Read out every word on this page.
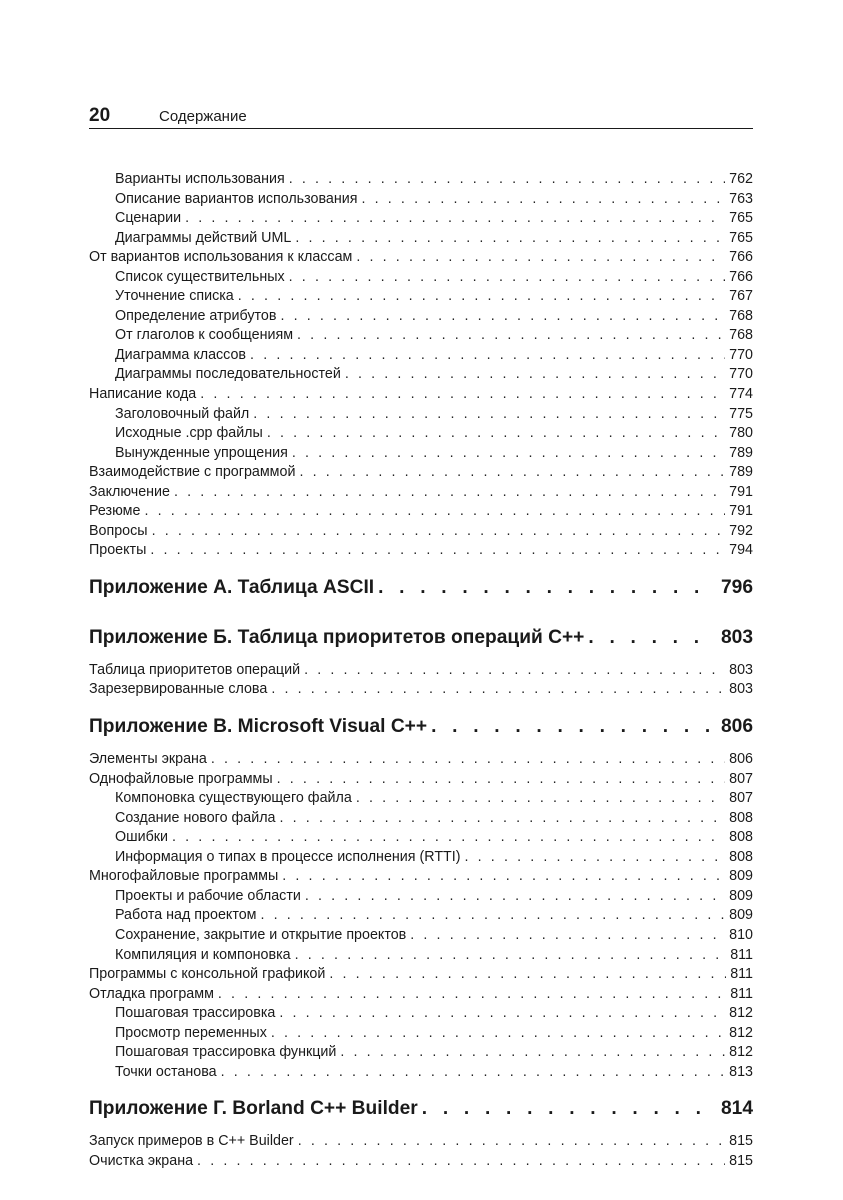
20	Содержание
Варианты использования . . .	762
Описание вариантов использования . . .	763
Сценарии . . .	765
Диаграммы действий UML . . .	765
От вариантов использования к классам . . .	766
Список существительных . . .	766
Уточнение списка . . .	767
Определение атрибутов . . .	768
От глаголов к сообщениям . . .	768
Диаграмма классов . . .	770
Диаграммы последовательностей . . .	770
Написание кода . . .	774
Заголовочный файл . . .	775
Исходные .cpp файлы . . .	780
Вынужденные упрощения . . .	789
Взаимодействие с программой . . .	789
Заключение . . .	791
Резюме . . .	791
Вопросы . . .	792
Проекты . . .	794
Приложение А. Таблица ASCII . . .	796
Приложение Б. Таблица приоритетов операций С++ . . .	803
Таблица приоритетов операций . . .	803
Зарезервированные слова . . .	803
Приложение В. Microsoft Visual C++ . . .	806
Элементы экрана . . .	806
Однофайловые программы . . .	807
Компоновка существующего файла . . .	807
Создание нового файла . . .	808
Ошибки . . .	808
Информация о типах в процессе исполнения (RTTI) . . .	808
Многофайловые программы . . .	809
Проекты и рабочие области . . .	809
Работа над проектом . . .	809
Сохранение, закрытие и открытие проектов . . .	810
Компиляция и компоновка . . .	811
Программы с консольной графикой . . .	811
Отладка программ . . .	811
Пошаговая трассировка . . .	812
Просмотр переменных . . .	812
Пошаговая трассировка функций . . .	812
Точки останова . . .	813
Приложение Г. Borland C++ Builder . . .	814
Запуск примеров в C++ Builder . . .	815
Очистка экрана . . .	815
